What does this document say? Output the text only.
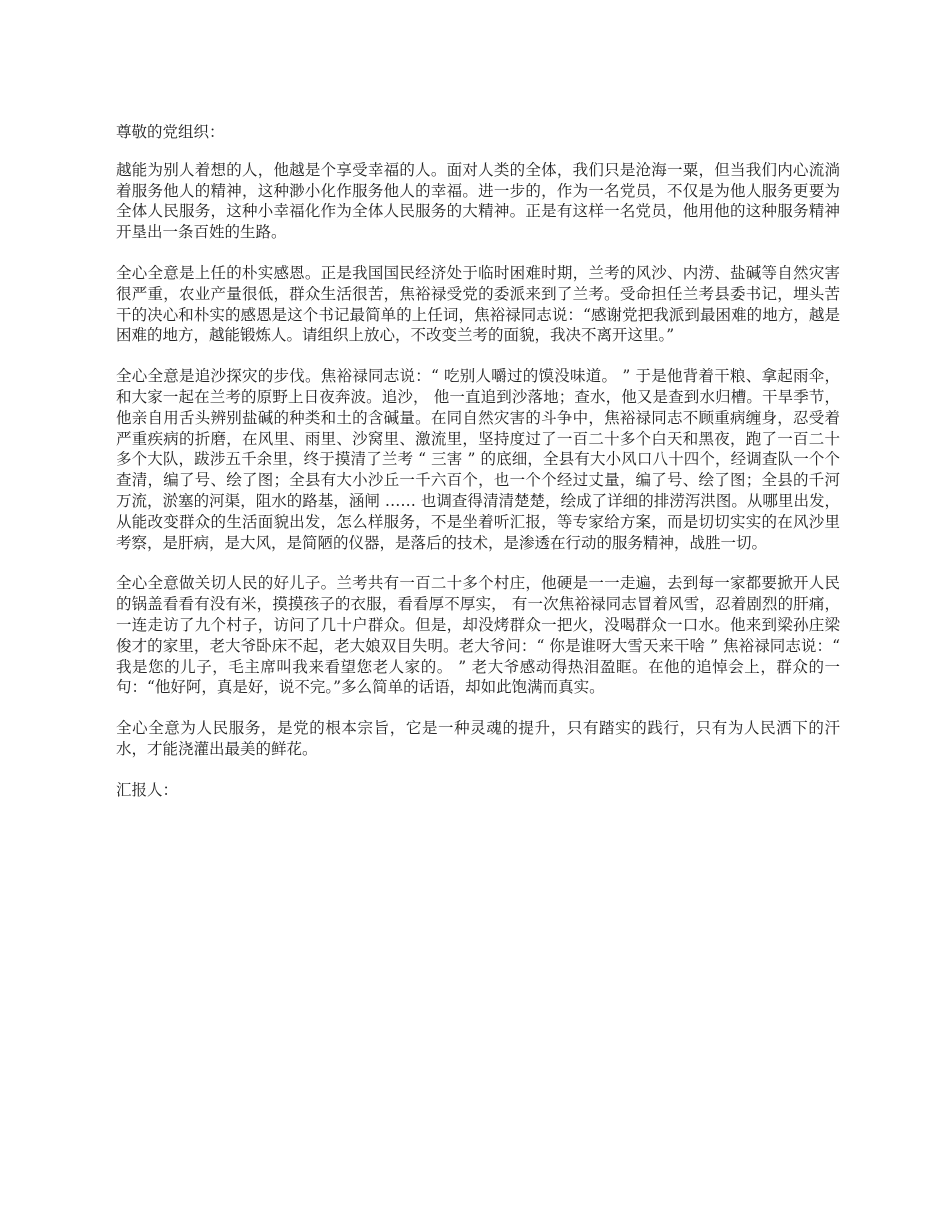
尊敬的党组织：

越能为别人着想的人，他越是个享受幸福的人。面对人类的全体，我们只是沧海一粟，但当我们内心流淌着服务他人的精神，这种渺小化作服务他人的幸福。进一步的，作为一名党员，不仅是为他人服务更要为全体人民服务，这种小幸福化作为全体人民服务的大精神。正是有这样一名党员，他用他的这种服务精神开垦出一条百姓的生路。

全心全意是上任的朴实感恩。正是我国国民经济处于临时困难时期，兰考的风沙、内涝、盐碱等自然灾害很严重，农业产量很低，群众生活很苦，焦裕禄受党的委派来到了兰考。受命担任兰考县委书记，埋头苦干的决心和朴实的感恩是这个书记最简单的上任词，焦裕禄同志说：“感谢党把我派到最困难的地方，越是困难的地方，越能锻炼人。请组织上放心，不改变兰考的面貌，我决不离开这里。”

全心全意是追沙探灾的步伐。焦裕禄同志说：“ 吃别人嚼过的馍没味道。 ” 于是他背着干粮、拿起雨伞，和大家一起在兰考的原野上日夜奔波。追沙， 他一直追到沙落地；查水，他又是查到水归槽。干旱季节，他亲自用舌头辨别盐碱的种类和土的含碱量。在同自然灾害的斗争中，焦裕禄同志不顾重病缠身，忍受着严重疾病的折磨，在风里、雨里、沙窝里、激流里，坚持度过了一百二十多个白天和黑夜，跑了一百二十多个大队，跋涉五千余里，终于摸清了兰考 “ 三害 ” 的底细，全县有大小风口八十四个，经调查队一个个查清，编了号、绘了图；全县有大小沙丘一千六百个，也一个个经过丈量，编了号、绘了图；全县的千河万流，淤塞的河渠，阻水的路基，涵闸 …… 也调查得清清楚楚，绘成了详细的排涝泻洪图。从哪里出发，从能改变群众的生活面貌出发，怎么样服务，不是坐着听汇报，等专家给方案，而是切切实实的在风沙里考察，是肝病，是大风，是简陋的仪器，是落后的技术，是渗透在行动的服务精神，战胜一切。

全心全意做关切人民的好儿子。兰考共有一百二十多个村庄，他硬是一一走遍，去到每一家都要掀开人民的锅盖看看有没有米，摸摸孩子的衣服，看看厚不厚实， 有一次焦裕禄同志冒着风雪，忍着剧烈的肝痛，一连走访了九个村子，访问了几十户群众。但是，却没烤群众一把火，没喝群众一口水。他来到梁孙庄梁俊才的家里，老大爷卧床不起，老大娘双目失明。老大爷问：“ 你是谁呀大雪天来干啥 ” 焦裕禄同志说：“ 我是您的儿子，毛主席叫我来看望您老人家的。 ” 老大爷感动得热泪盈眶。在他的追悼会上，群众的一句：“他好阿，真是好，说不完。”多么简单的话语，却如此饱满而真实。

全心全意为人民服务，是党的根本宗旨，它是一种灵魂的提升，只有踏实的践行，只有为人民洒下的汗水，才能浇灌出最美的鲜花。

汇报人：
